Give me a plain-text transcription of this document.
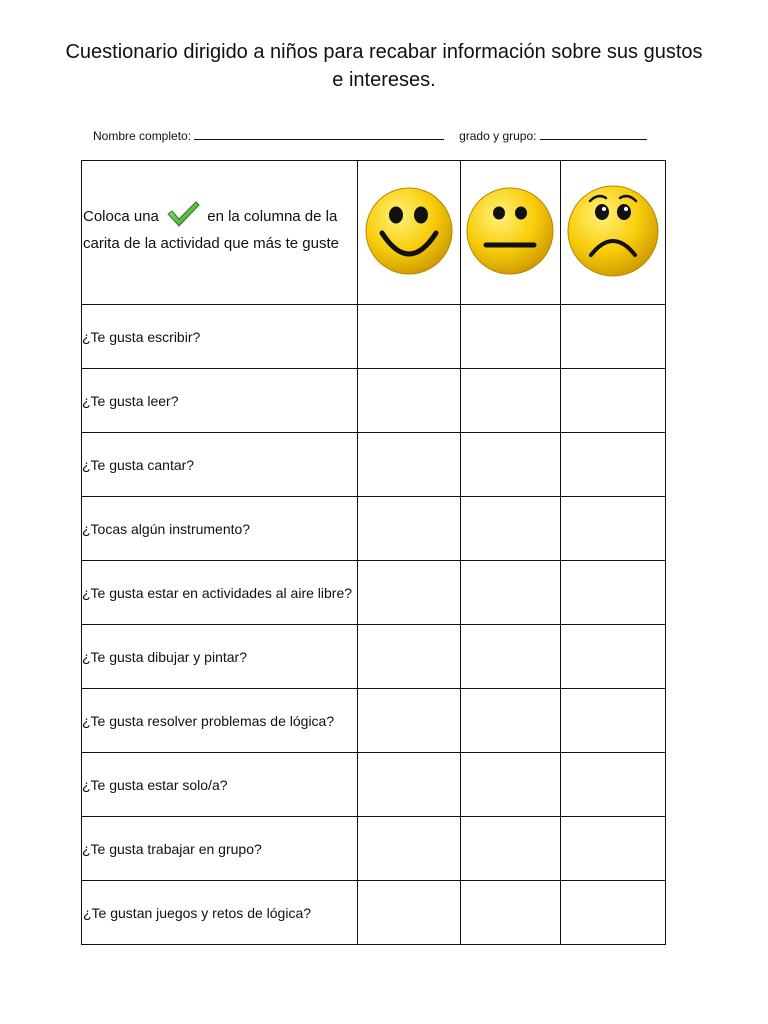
Cuestionario dirigido a niños para recabar información sobre sus gustos e intereses.
Nombre completo:	grado y grupo:
Coloca una en la columna de la carita de la actividad que más te guste

¿Te gusta escribir?			
¿Te gusta leer?			
¿Te gusta cantar?			
¿Tocas algún instrumento?			
¿Te gusta estar en actividades al aire libre?			
¿Te gusta dibujar y pintar?			
¿Te gusta resolver problemas de lógica?			
¿Te gusta estar solo/a?			
¿Te gusta trabajar en grupo?			
¿Te gustan juegos y retos de lógica?			
